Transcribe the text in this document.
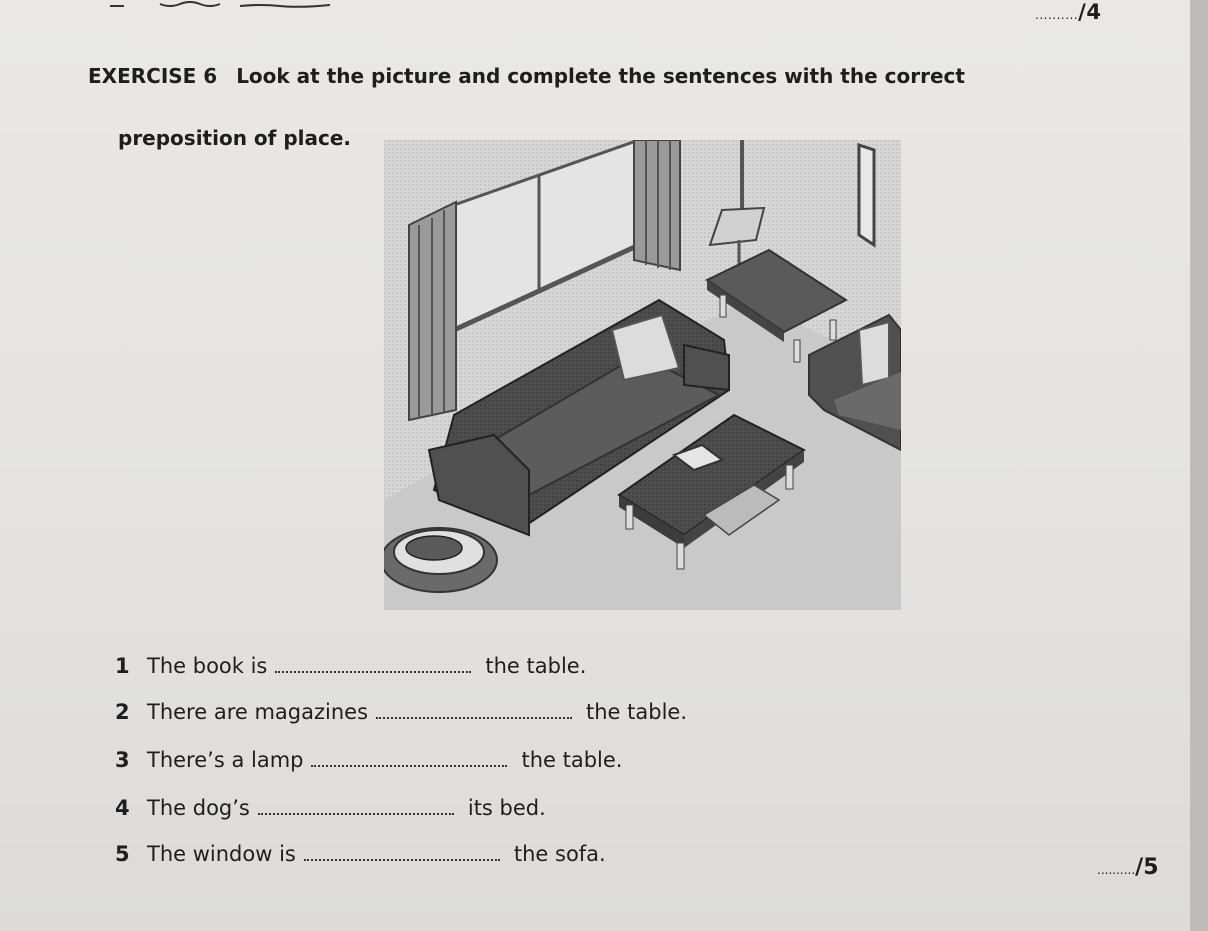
........../4
EXERCISE 6 Look at the picture and complete the sentences with the correct
preposition of place.
1 The book is	the table.
2 There are magazines	the table.
3 There’s a lamp	the table.
4 The dog’s	its bed.
5 The window is	the sofa.
........../5
